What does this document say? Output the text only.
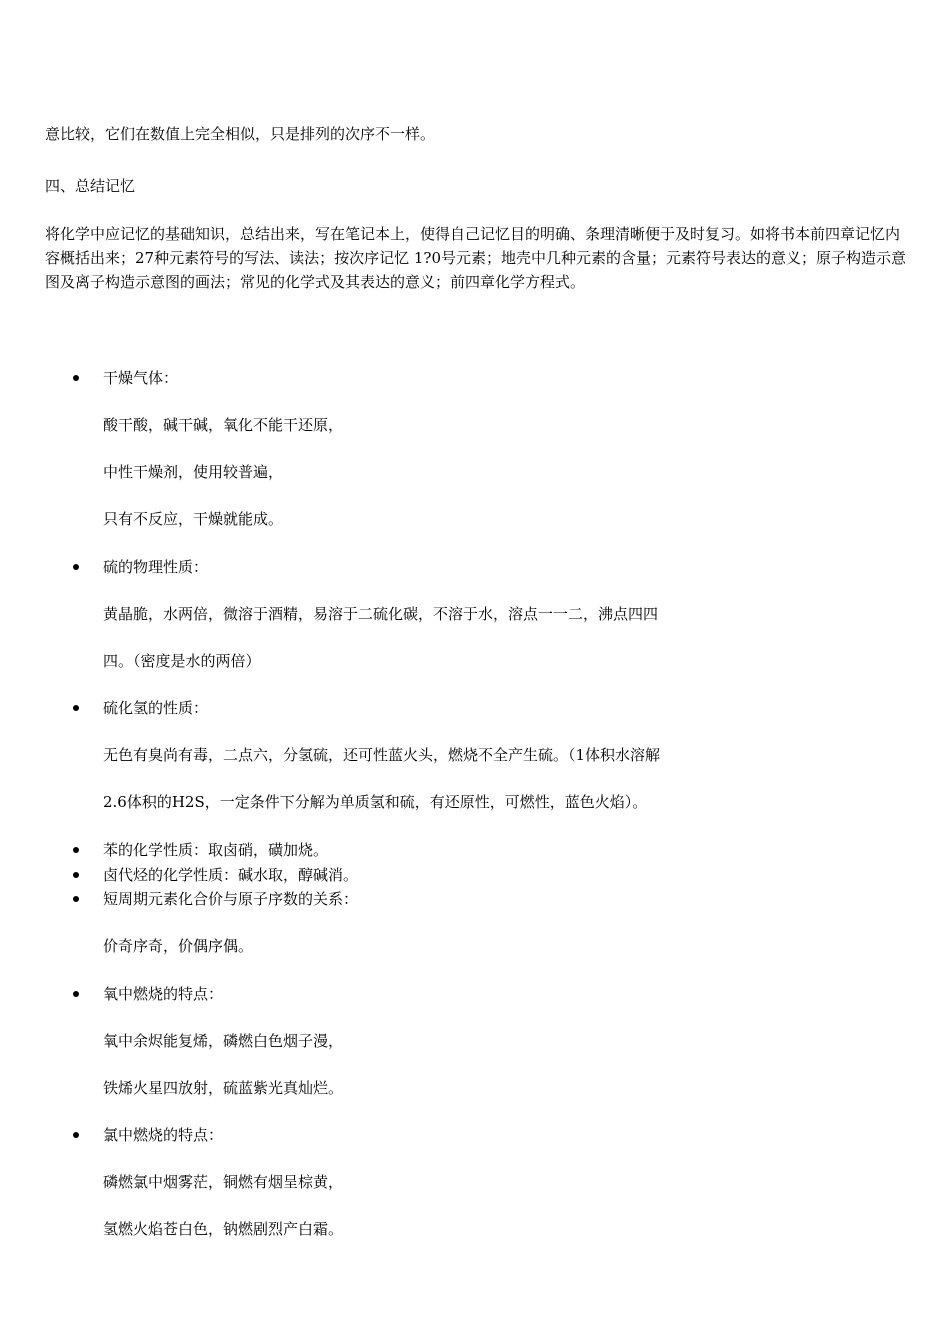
意比较，它们在数值上完全相似，只是排列的次序不一样。
四、总结记忆
将化学中应记忆的基础知识，总结出来，写在笔记本上，使得自己记忆目的明确、条理清晰便于及时复习。如将书本前四章记忆内容概括出来；27种元素符号的写法、读法；按次序记忆 1?0号元素；地壳中几种元素的含量；元素符号表达的意义；原子构造示意图及离子构造示意图的画法；常见的化学式及其表达的意义；前四章化学方程式。
干燥气体：
酸干酸，碱干碱，氧化不能干还原，
中性干燥剂，使用较普遍，
只有不反应，干燥就能成。
硫的物理性质：
黄晶脆，水两倍，微溶于酒精，易溶于二硫化碳，不溶于水，溶点一一二，沸点四四
四。（密度是水的两倍）
硫化氢的性质：
无色有臭尚有毒，二点六，分氢硫，还可性蓝火头，燃烧不全产生硫。（1体积水溶解
2.6体积的H2S，一定条件下分解为单质氢和硫，有还原性，可燃性，蓝色火焰）。
苯的化学性质：取卤硝，磺加烧。
卤代烃的化学性质：碱水取，醇碱消。
短周期元素化合价与原子序数的关系：
价奇序奇，价偶序偶。
氧中燃烧的特点：
氧中余烬能复烯，磷燃白色烟子漫，
铁烯火星四放射，硫蓝紫光真灿烂。
氯中燃烧的特点：
磷燃氯中烟雾茫，铜燃有烟呈棕黄，
氢燃火焰苍白色，钠燃剧烈产白霜。
